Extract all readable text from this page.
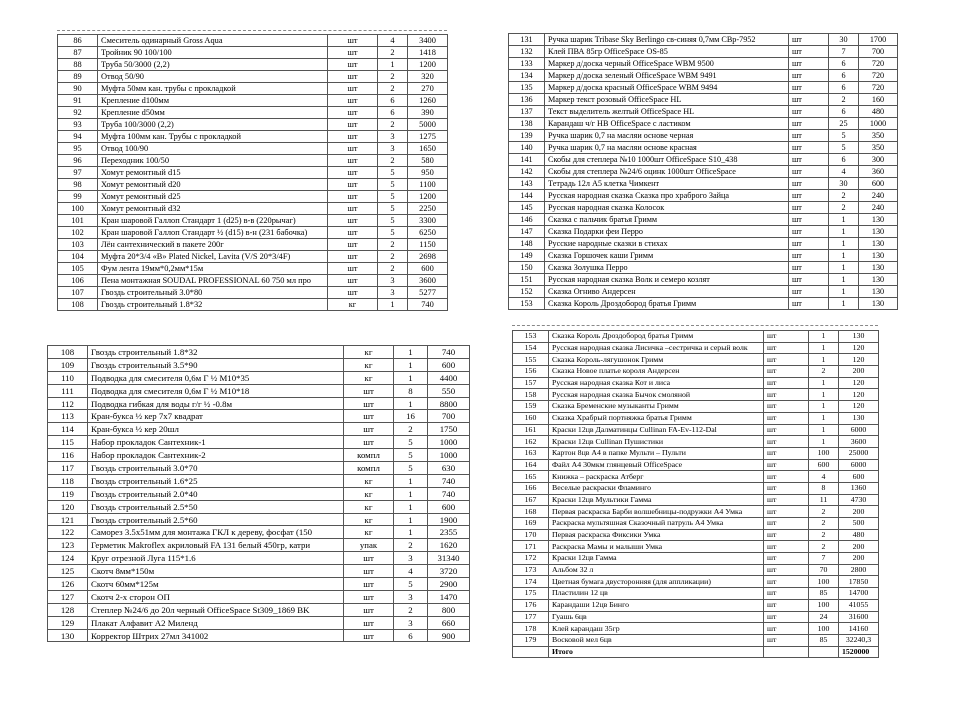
86	Смеситель одинарный Gross Aqua	шт	4	3400
87	Тройник 90 100/100	шт	2	1418
88	Труба 50/3000 (2,2)	шт	1	1200
89	Отвод 50/90	шт	2	320
90	Муфта 50мм кан. трубы с прокладкой	шт	2	270
91	Крепление d100мм	шт	6	1260
92	Крепление d50мм	шт	6	390
93	Труба 100/3000 (2,2)	шт	2	5000
94	Муфта 100мм кан. Трубы с прокладкой	шт	3	1275
95	Отвод 100/90	шт	3	1650
96	Переходник 100/50	шт	2	580
97	Хомут ремонтный d15	шт	5	950
98	Хомут ремонтный d20	шт	5	1100
99	Хомут ремонтный d25	шт	5	1200
100	Хомут ремонтный d32	шт	5	2250
101	Кран шаровой Галлоп Стандарт 1 (d25) в-в (220рычаг)	шт	5	3300
102	Кран шаровой Галлоп Стандарт ½ (d15) в-н (231 бабочка)	шт	5	6250
103	Лён сантехнический в пакете 200г	шт	2	1150
104	Муфта 20*3/4 «В» Plated Nickel, Lavita (V/S 20*3/4F)	шт	2	2698
105	Фум лента 19мм*0,2мм*15м	шт	2	600
106	Пена монтажная SOUDAL PROFESSIONAL 60 750 мл про	шт	3	3600
107	Гвоздь строительный 3.0*80	шт	3	5277
108	Гвоздь строительный 1.8*32	кг	1	740
131	Ручка шарик Tribase Sky Berlingo св-синяя 0,7мм CBp-7952	шт	30	1700
132	Клей ПВА 85гр OfficeSpace OS-85	шт	7	700
133	Маркер д/доска черный OfficeSpace WBM 9500	шт	6	720
134	Маркер д/доска зеленый OfficeSpace WBM 9491	шт	6	720
135	Маркер д/доска красный OfficeSpace WBM 9494	шт	6	720
136	Маркер текст розовый OfficeSpace HL	шт	2	160
137	Текст выделитель желтый OfficeSpace HL	шт	6	480
138	Карандаш ч/г HB OfficeSpace с ластиком	шт	25	1000
139	Ручка шарик 0,7 на масляи основе черная	шт	5	350
140	Ручка шарик 0,7 на масляи основе красная	шт	5	350
141	Скобы для степлера №10 1000шт OfficeSpace S10_438	шт	6	300
142	Скобы для степлера №24/6 оцинк 1000шт OfficeSpace	шт	4	360
143	Тетрадь 12л А5 клетка Чимкент	шт	30	600
144	Русская народная сказка Сказка про храброго Зайца	шт	2	240
145	Русская народная сказка Колосок	шт	2	240
146	Сказка с пальчик братья Гримм	шт	1	130
147	Сказка Подарки феи Перро	шт	1	130
148	Русские народные сказки в стихах	шт	1	130
149	Сказка Горшочек каши Гримм	шт	1	130
150	Сказка Золушка Перро	шт	1	130
151	Русская народная сказка Волк и семеро козлят	шт	1	130
152	Сказка Огниво Андерсен	шт	1	130
153	Сказка Король Дроздобород братья Гримм	шт	1	130
108	Гвоздь строительный 1.8*32	кг	1	740
109	Гвоздь строительный 3.5*90	кг	1	600
110	Подводка для смесителя 0,6м Г ½ М10*35	кг	1	4400
111	Подводка для смесителя 0,6м Г ½ М10*18	шт	8	550
112	Подводка гибкая для воды г/г ½ -0.8м	шт	1	8800
113	Кран-букса ½ кер 7х7 квадрат	шт	16	700
114	Кран-букса ½ кер 20шл	шт	2	1750
115	Набор прокладок Сантехник-1	шт	5	1000
116	Набор прокладок Сантехник-2	компл	5	1000
117	Гвоздь строительный 3.0*70	компл	5	630
118	Гвоздь строительный 1.6*25	кг	1	740
119	Гвоздь строительный 2.0*40	кг	1	740
120	Гвоздь строительный 2.5*50	кг	1	600
121	Гвоздь строительный 2.5*60	кг	1	1900
122	Саморез 3.5х51мм для монтажа ГКЛ к дереву, фосфат (150	кг	1	2355
123	Герметик Makroflex акриловый FA 131 белый 450гр, катри	упак	2	1620
124	Круг отрезной Луга 115*1.6	шт	3	31340
125	Скотч 8мм*150м	шт	4	3720
126	Скотч 60мм*125м	шт	5	2900
127	Скотч 2-х сторон ОП	шт	3	1470
128	Степлер №24/6 до 20л черный OfficeSpace St309_1869 BK	шт	2	800
129	Плакат Алфавит А2 Миленд	шт	3	660
130	Корректор Штрих 27мл 341002	шт	6	900
153	Сказка Король Дроздобород братья Гримм	шт	1	130
154	Русская народная сказка Лисичка –сестричка и серый волк	шт	1	120
155	Сказка Король-лягушонок Гримм	шт	1	120
156	Сказка Новое платье короля Андерсен	шт	2	200
157	Русская народная сказка Кот и лиса	шт	1	120
158	Русская народная сказка Бычок смоляной	шт	1	120
159	Сказка Бременские музыканты Гримм	шт	1	120
160	Сказка Храбрый портняжка братья Гримм	шт	1	130
161	Краски 12цв Далматинцы Cullinan FA-Ev-112-Dal	шт	1	6000
162	Краски 12цв Cullinan Пушистики	шт	1	3600
163	Картон 8цв А4 в папке Мульти – Пульти	шт	100	25000
164	Файл А4 30мкм глянцевый OfficeSpace	шт	600	6000
165	Книжка – раскраска Атберг	шт	4	600
166	Веселые раскраски Фламинго	шт	8	1360
167	Краски 12цв Мультики Гамма	шт	11	4730
168	Первая раскраска Барби волшебницы-подружки А4 Умка	шт	2	200
169	Раскраска мультяшная Сказочный патруль А4 Умка	шт	2	500
170	Первая раскраска Фиксики Умка	шт	2	480
171	Раскраска Мамы и малыши Умка	шт	2	200
172	Краски 12цв Гамма	шт	7	200
173	Альбом 32 л	шт	70	2800
174	Цветная бумага двусторонняя (для аппликации)	шт	100	17850
175	Пластилин 12 цв	шт	85	14700
176	Карандаши 12цв Бинго	шт	100	41055
177	Гуашь 6цв	шт	24	31600
178	Клей карандаш 35гр	шт	100	14160
179	Восковой мел 6цв	шт	85	32240,3
	Итого			1520000
